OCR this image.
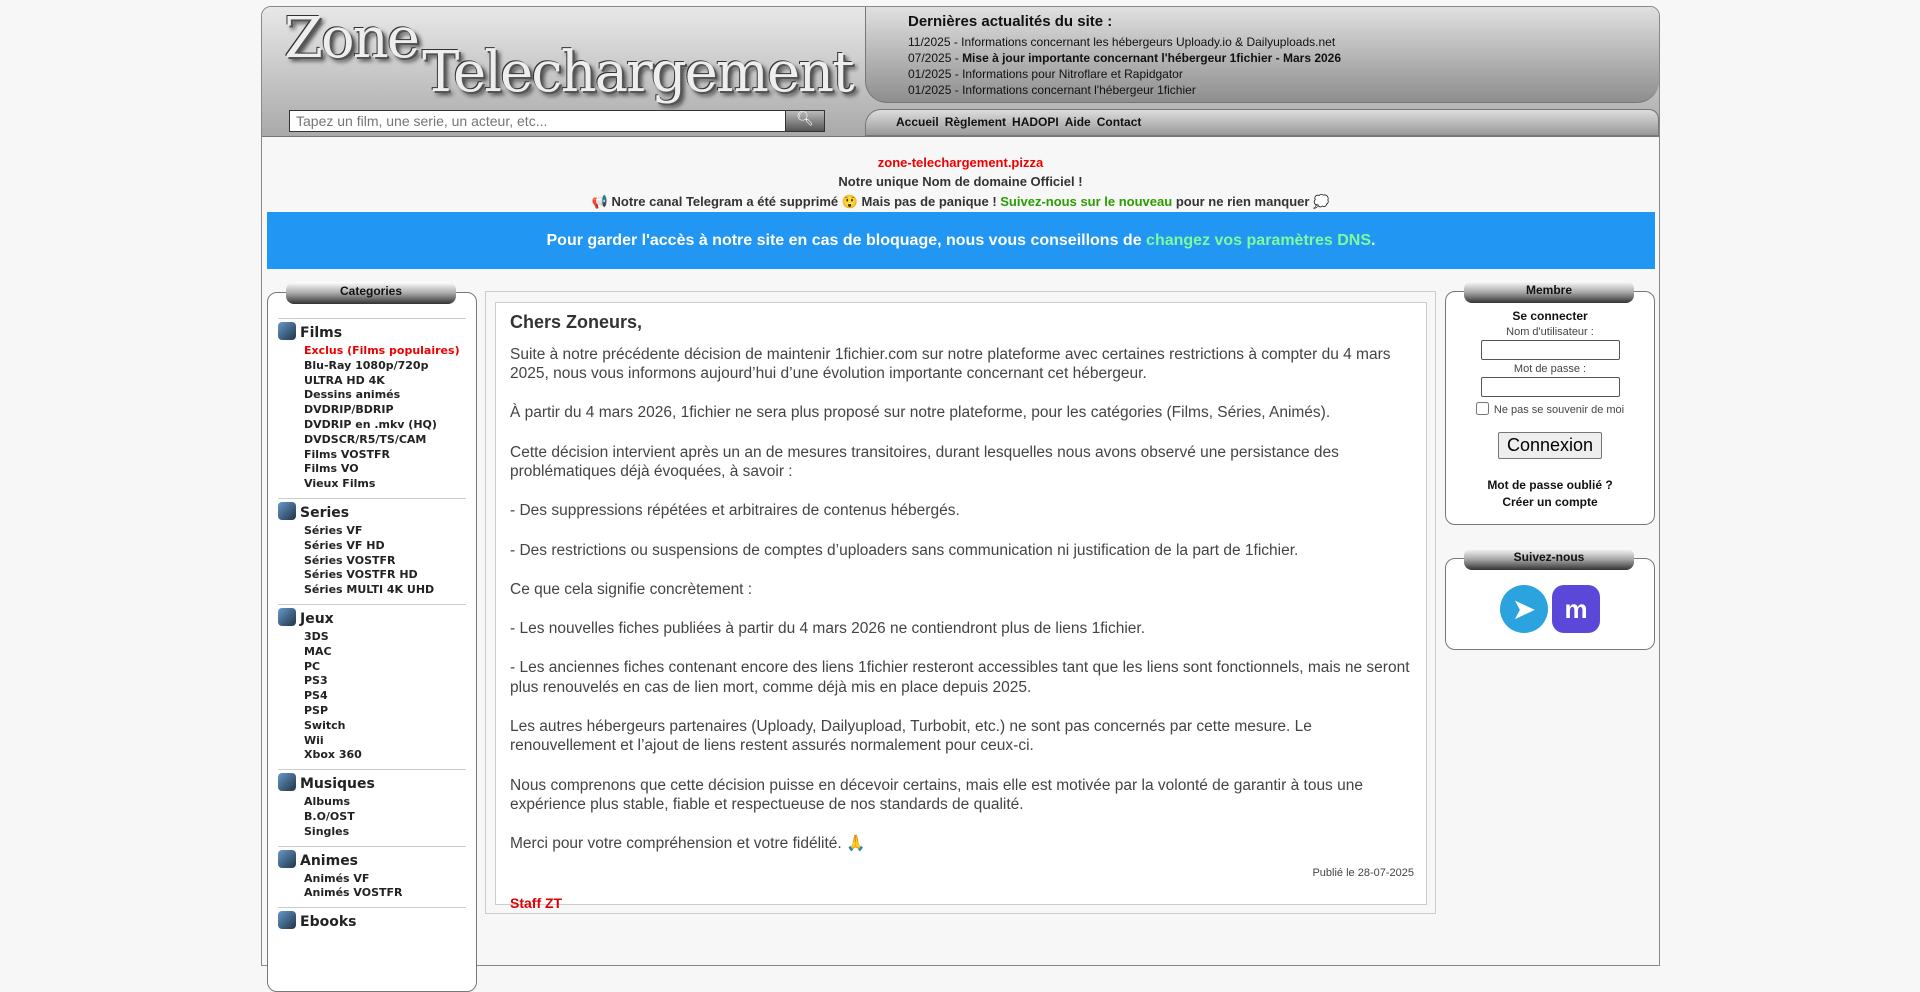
Zone
Telechargement
Dernières actualités du site :
11/2025 - Informations concernant les hébergeurs Uploady.io & Dailyuploads.net
07/2025 - Mise à jour importante concernant l'hébergeur 1fichier - Mars 2026
01/2025 - Informations pour Nitroflare et Rapidgator
01/2025 - Informations concernant l'hébergeur 1fichier
Tapez un film, une serie, un acteur, etc...
🔍︎	Accueil Règlement HADOPI Aide Contact
zone-telechargement.pizza
Notre unique Nom de domaine Officiel !
📢 Notre canal Telegram a été supprimé 😲 Mais pas de panique ! Suivez-nous sur le nouveau pour ne rien manquer 💭
Pour garder l'accès à notre site en cas de bloquage, nous vous conseillons de changez vos paramètres DNS.
Categories
Films
Exclus (Films populaires)
Blu-Ray 1080p/720p
ULTRA HD 4K
Dessins animés
DVDRIP/BDRIP
DVDRIP en .mkv (HQ)
DVDSCR/R5/TS/CAM
Films VOSTFR
Films VO
Vieux Films
Series
Séries VF
Séries VF HD
Séries VOSTFR
Séries VOSTFR HD
Séries MULTI 4K UHD
Jeux
3DS
MAC
PC
PS3
PS4
PSP
Switch
Wii
Xbox 360
Musiques
Albums
B.O/OST
Singles
Animes
Animés VF
Animés VOSTFR
Ebooks
Chers Zoneurs,

Suite à notre précédente décision de maintenir 1fichier.com sur notre plateforme avec certaines restrictions à compter du 4 mars 2025, nous vous informons aujourd’hui d’une évolution importante concernant cet hébergeur.

À partir du 4 mars 2026, 1fichier ne sera plus proposé sur notre plateforme, pour les catégories (Films, Séries, Animés).

Cette décision intervient après un an de mesures transitoires, durant lesquelles nous avons observé une persistance des problématiques déjà évoquées, à savoir :

- Des suppressions répétées et arbitraires de contenus hébergés.

- Des restrictions ou suspensions de comptes d’uploaders sans communication ni justification de la part de 1fichier.

Ce que cela signifie concrètement :

- Les nouvelles fiches publiées à partir du 4 mars 2026 ne contiendront plus de liens 1fichier.

- Les anciennes fiches contenant encore des liens 1fichier resteront accessibles tant que les liens sont fonctionnels, mais ne seront plus renouvelés en cas de lien mort, comme déjà mis en place depuis 2025.

Les autres hébergeurs partenaires (Uploady, Dailyupload, Turbobit, etc.) ne sont pas concernés par cette mesure. Le renouvellement et l’ajout de liens restent assurés normalement pour ceux-ci.

Nous comprenons que cette décision puisse en décevoir certains, mais elle est motivée par la volonté de garantir à tous une expérience plus stable, fiable et respectueuse de nos standards de qualité.

Merci pour votre compréhension et votre fidélité. 🙏

Staff ZT
Publié le 28-07-2025
Membre
Se connecter
Nom d'utilisateur :
Mot de passe :
Ne pas se souvenir de moi
Connexion
Mot de passe oublié ?
Créer un compte
Suivez-nous
➤ m
